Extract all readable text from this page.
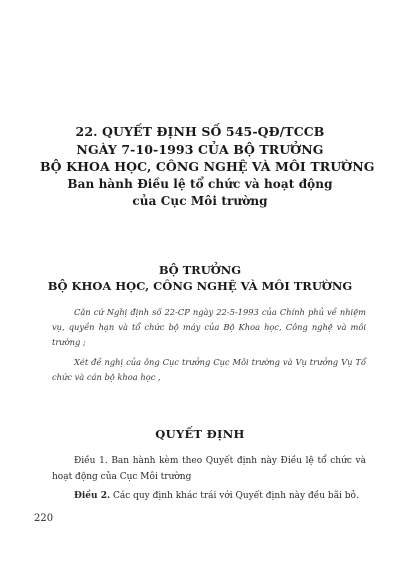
22. QUYẾT ĐỊNH SỐ 545-QĐ/TCCB
NGÀY 7-10-1993 CỦA BỘ TRƯỞNG
BỘ KHOA HỌC, CÔNG NGHỆ VÀ MÔI TRƯỜNG
Ban hành Điều lệ tổ chức và hoạt động
của Cục Môi trường
BỘ TRƯỞNG
BỘ KHOA HỌC, CÔNG NGHỆ VÀ MÔI TRƯỜNG

Căn cứ Nghị định số 22-CP ngày 22-5-1993 của Chính phủ về nhiệm vụ, quyền hạn và tổ chức bộ máy của Bộ Khoa học, Công nghệ và môi trường ;

Xét đề nghị của ông Cục trưởng Cục Môi trường và Vụ trưởng Vụ Tổ chức và cán bộ khoa học ,

QUYẾT ĐỊNH

Điều 1. Ban hành kèm theo Quyết định này Điều lệ tổ chức và hoạt động của Cục Môi trường

Điều 2. Các quy định khác trái với Quyết định này đều bãi bỏ.

220
